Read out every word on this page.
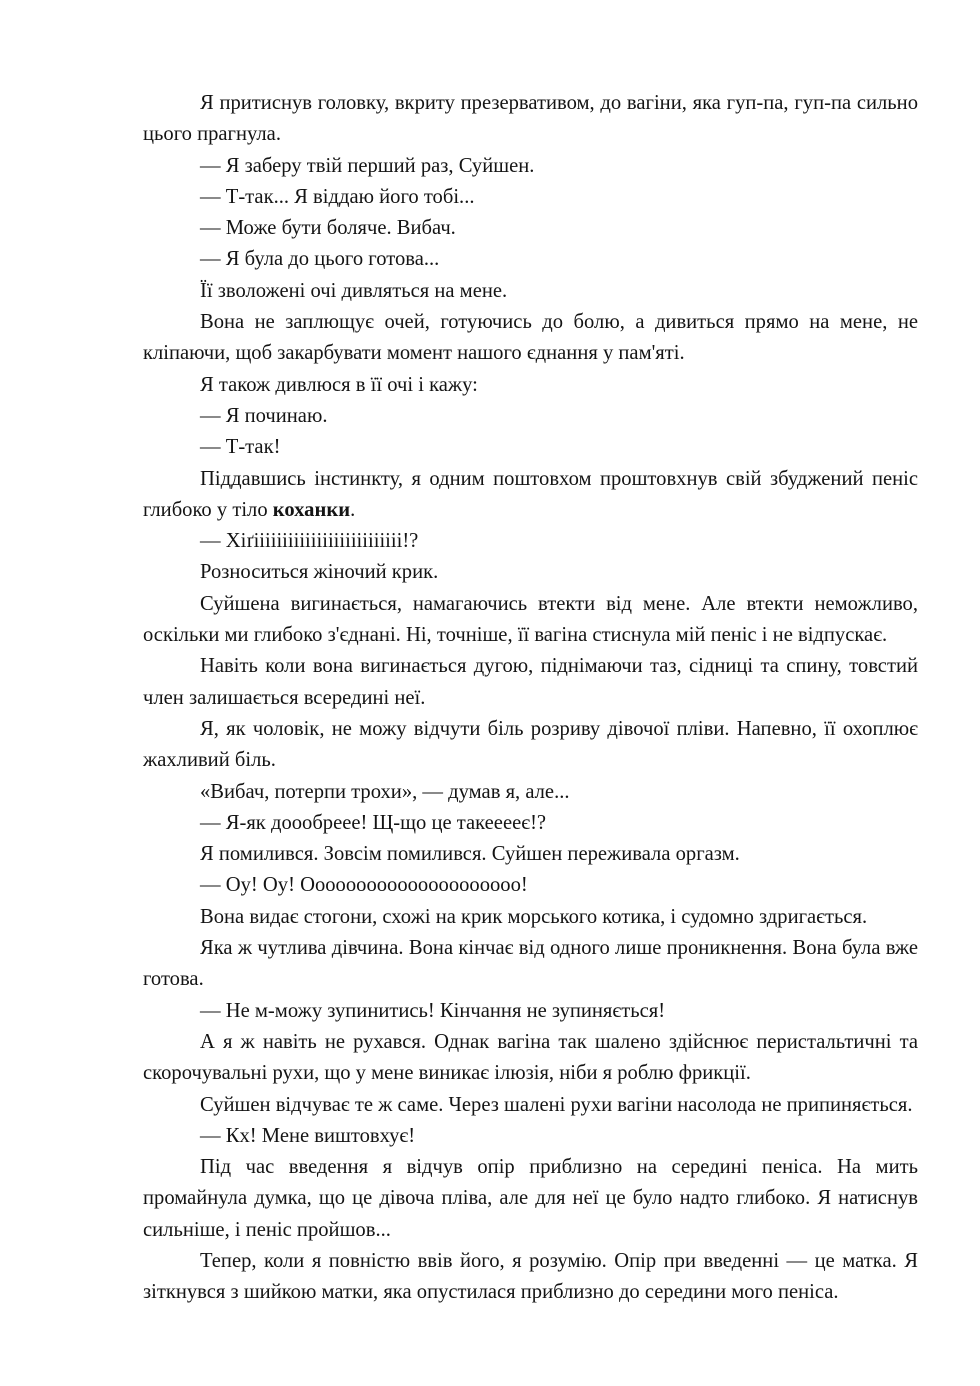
Я притиснув головку, вкриту презервативом, до вагіни, яка гуп-па, гуп-па сильно цього прагнула.

— Я заберу твій перший раз, Суйшен.

— Т-так... Я віддаю його тобі...

— Може бути боляче. Вибач.

— Я була до цього готова...

Її зволожені очі дивляться на мене.

Вона не заплющує очей, готуючись до болю, а дивиться прямо на мене, не кліпаючи, щоб закарбувати момент нашого єднання у пам'яті.

Я також дивлюся в її очі і кажу:

— Я починаю.

— Т-так!

Піддавшись інстинкту, я одним поштовхом проштовхнув свій збуджений пеніс глибоко у тіло коханки.

— Хіґіііііііііііііііііііііііііі!?

Розноситься жіночий крик.

Суйшена вигинається, намагаючись втекти від мене. Але втекти неможливо, оскільки ми глибоко з'єднані. Ні, точніше, її вагіна стиснула мій пеніс і не відпускає.

Навіть коли вона вигинається дугою, піднімаючи таз, сідниці та спину, товстий член залишається всередині неї.

Я, як чоловік, не можу відчути біль розриву дівочої пліви. Напевно, її охоплює жахливий біль.

«Вибач, потерпи трохи», — думав я, але...

— Я-як доообреее! Щ-що це такееееє!?

Я помилився. Зовсім помилився. Суйшен переживала оргазм.

— Оу! Оу! Ооооооооооооооооооооо!

Вона видає стогони, схожі на крик морського котика, і судомно здригається.

Яка ж чутлива дівчина. Вона кінчає від одного лише проникнення. Вона була вже готова.

— Не м-можу зупинитись! Кінчання не зупиняється!

А я ж навіть не рухався. Однак вагіна так шалено здійснює перистальтичні та скорочувальні рухи, що у мене виникає ілюзія, ніби я роблю фрикції.

Суйшен відчуває те ж саме. Через шалені рухи вагіни насолода не припиняється.

— Кх! Мене виштовхує!

Під час введення я відчув опір приблизно на середині пеніса. На мить промайнула думка, що це дівоча пліва, але для неї це було надто глибоко. Я натиснув сильніше, і пеніс пройшов...

Тепер, коли я повністю ввів його, я розумію. Опір при введенні — це матка. Я зіткнувся з шийкою матки, яка опустилася приблизно до середини мого пеніса.
